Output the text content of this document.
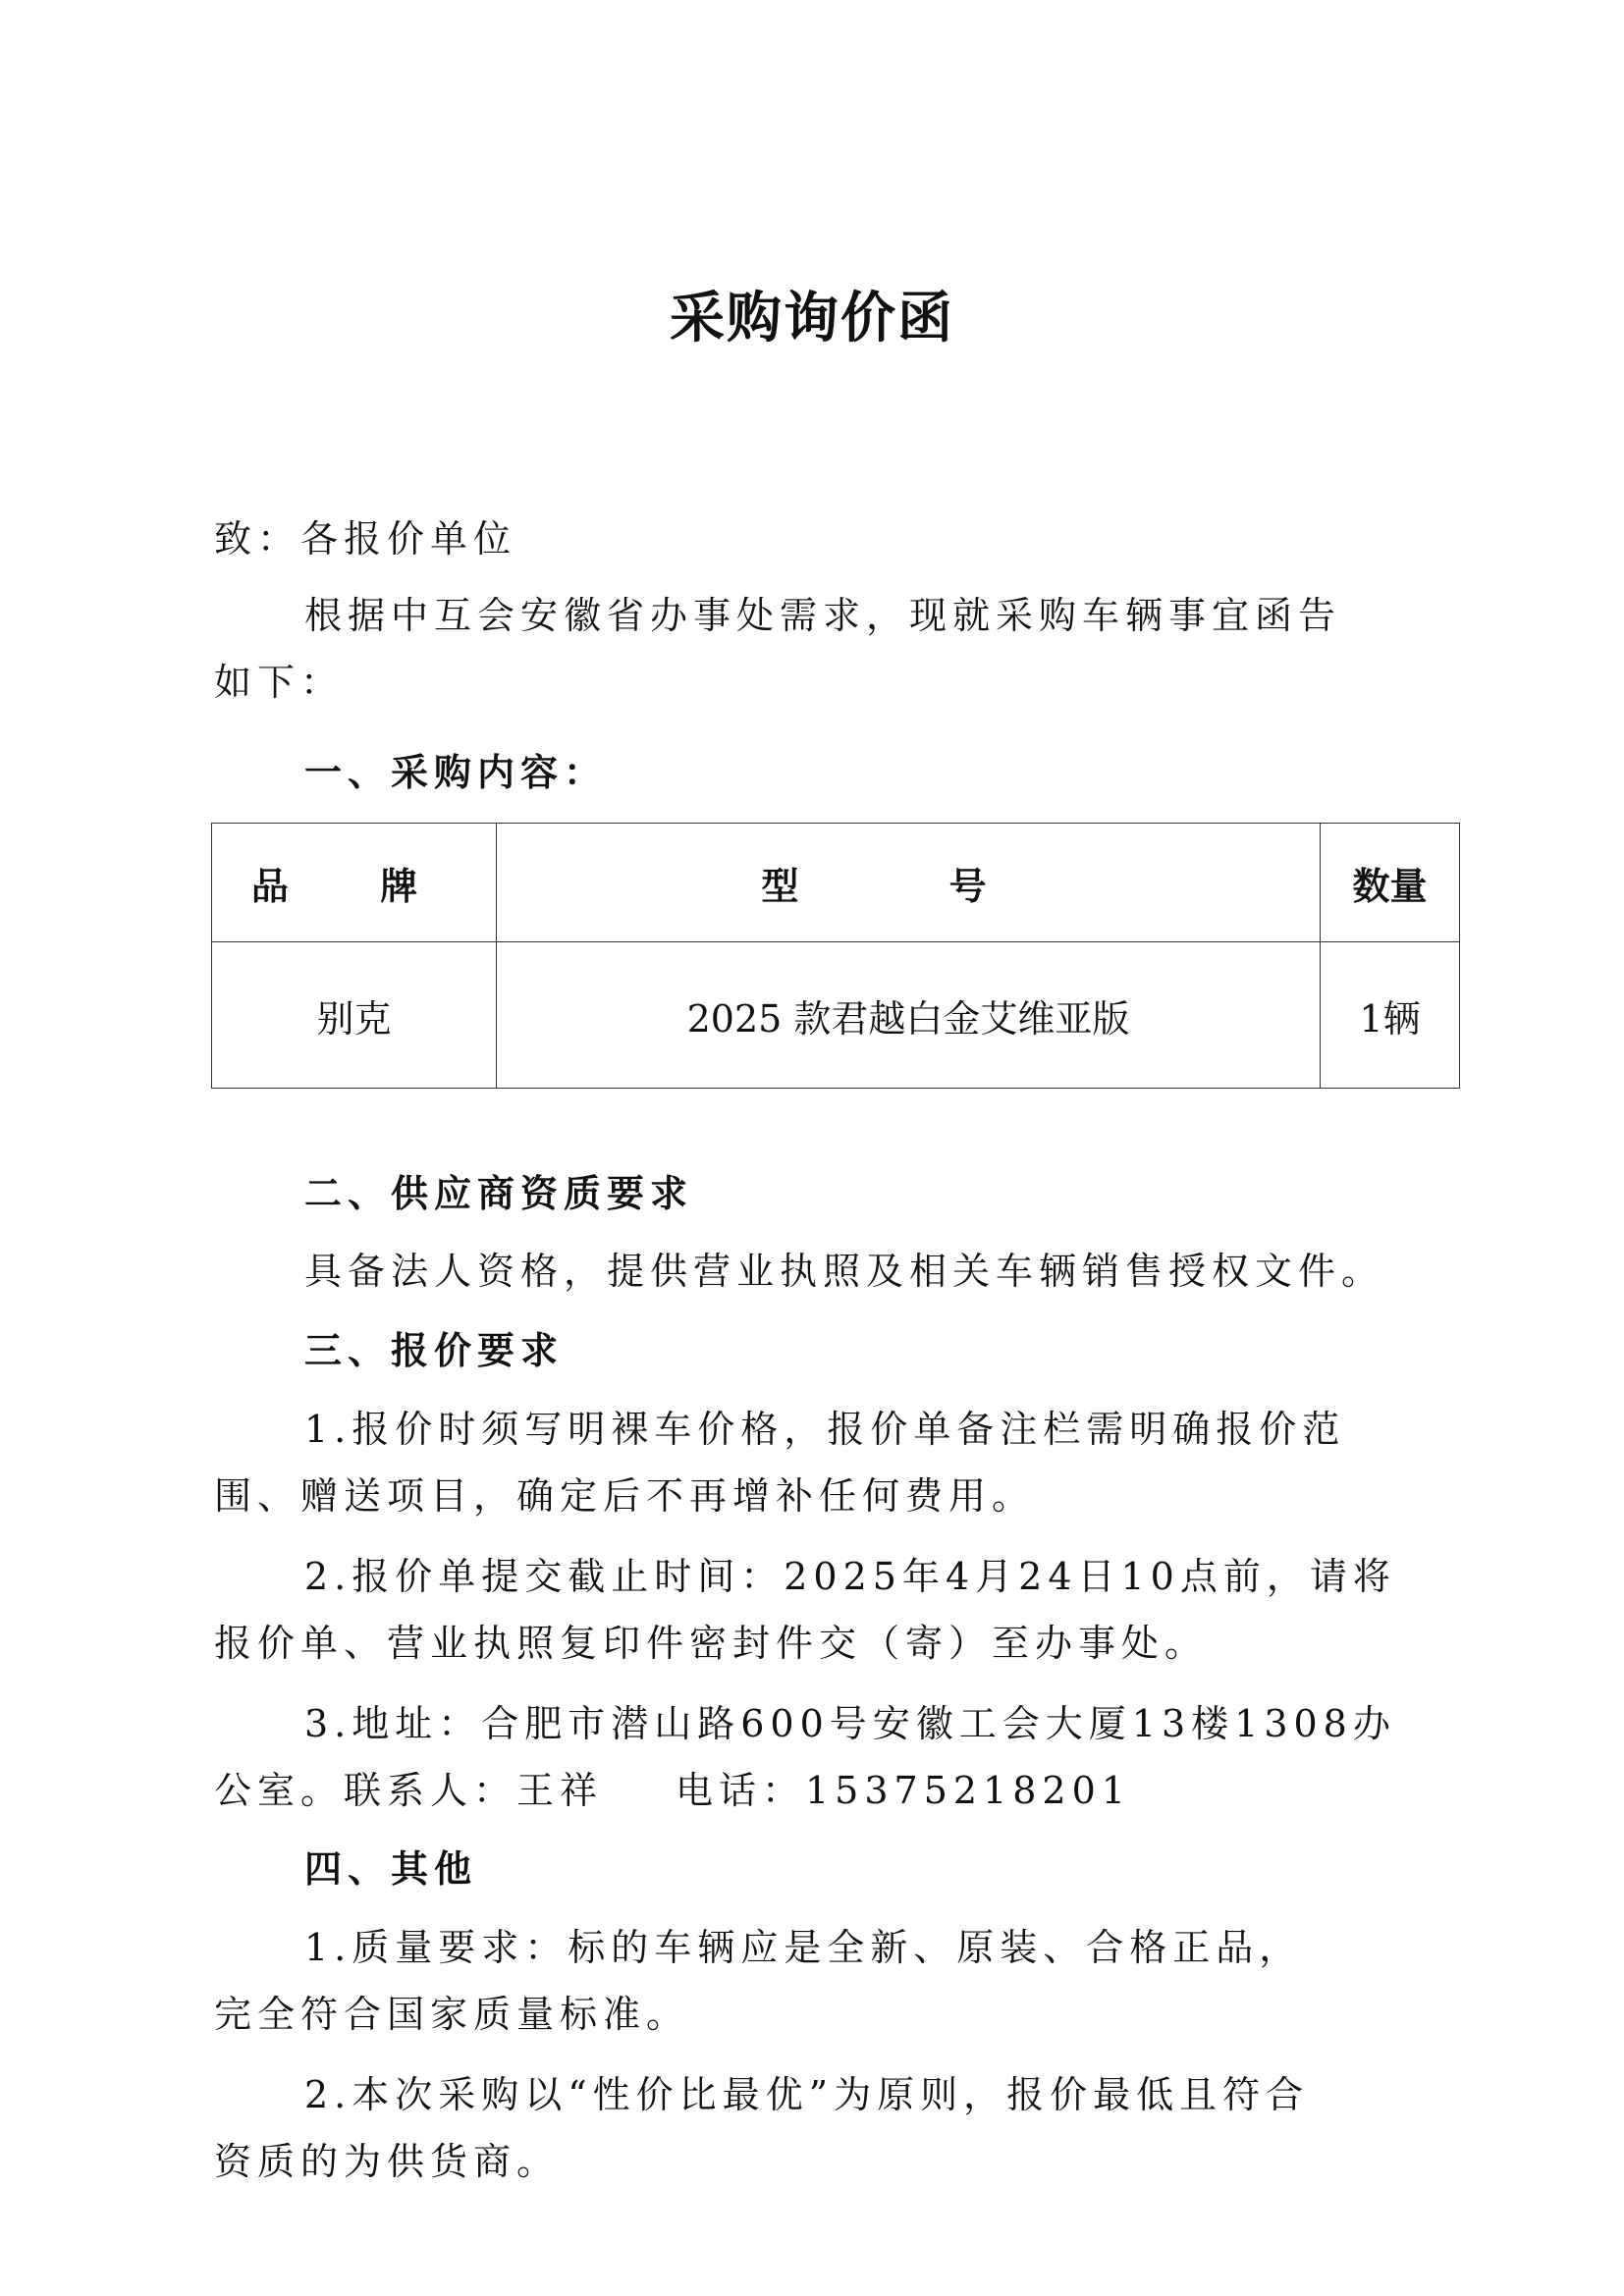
采购询价函
致：各报价单位
根据中互会安徽省办事处需求，现就采购车辆事宜函告
如下：
一、采购内容：
品 牌	型 号	数量
别克	2025 款君越白金艾维亚版	1辆
二、供应商资质要求
具备法人资格，提供营业执照及相关车辆销售授权文件。
三、报价要求
1.报价时须写明裸车价格，报价单备注栏需明确报价范
围、赠送项目，确定后不再增补任何费用。
2.报价单提交截止时间：2025年4月24日10点前，请将
报价单、营业执照复印件密封件交（寄）至办事处。
3.地址：合肥市潜山路600号安徽工会大厦13楼1308办
公室。联系人：王祥 电话：15375218201
四、其他
1.质量要求：标的车辆应是全新、原装、合格正品，
完全符合国家质量标准。
2.本次采购以“性价比最优”为原则，报价最低且符合
资质的为供货商。
